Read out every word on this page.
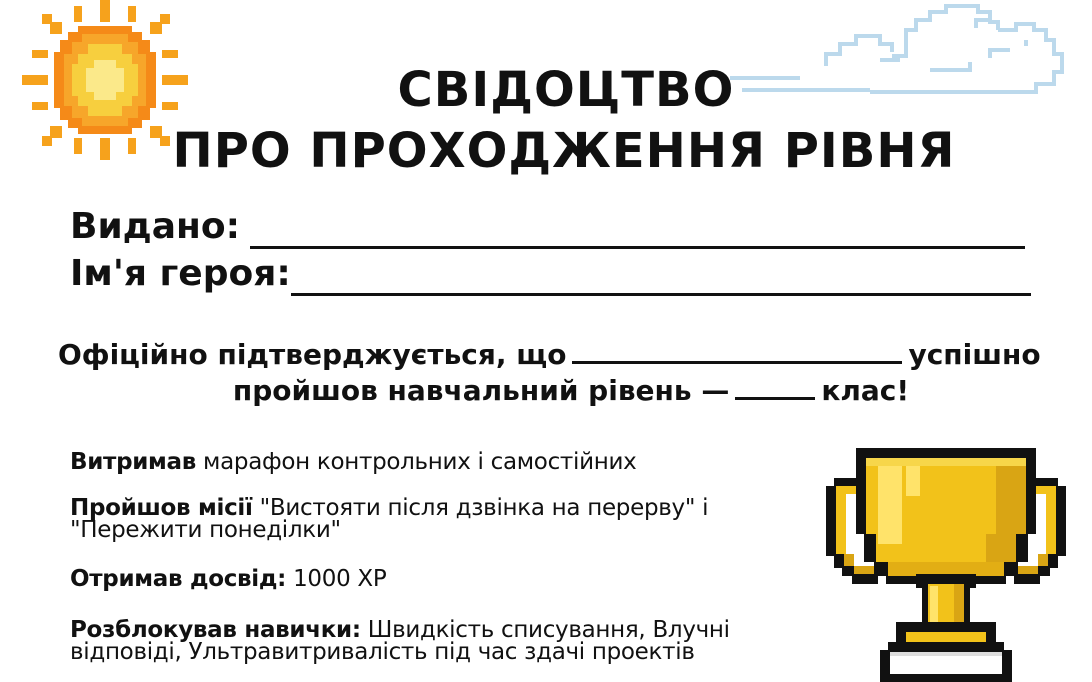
СВІДОЦТВО
ПРО ПРОХОДЖЕННЯ РІВНЯ
Видано:
Ім'я героя:
Офіційно підтверджується, що	успішно
пройшов навчальний рівень —	клас!
Витримав марафон контрольних і самостійних
Пройшов місії "Вистояти після дзвінка на перерву" і "Пережити понеділки"
Отримав досвід: 1000 XP
Розблокував навички: Швидкість списування, Влучні відповіді, Ультравитривалість під час здачі проектів
